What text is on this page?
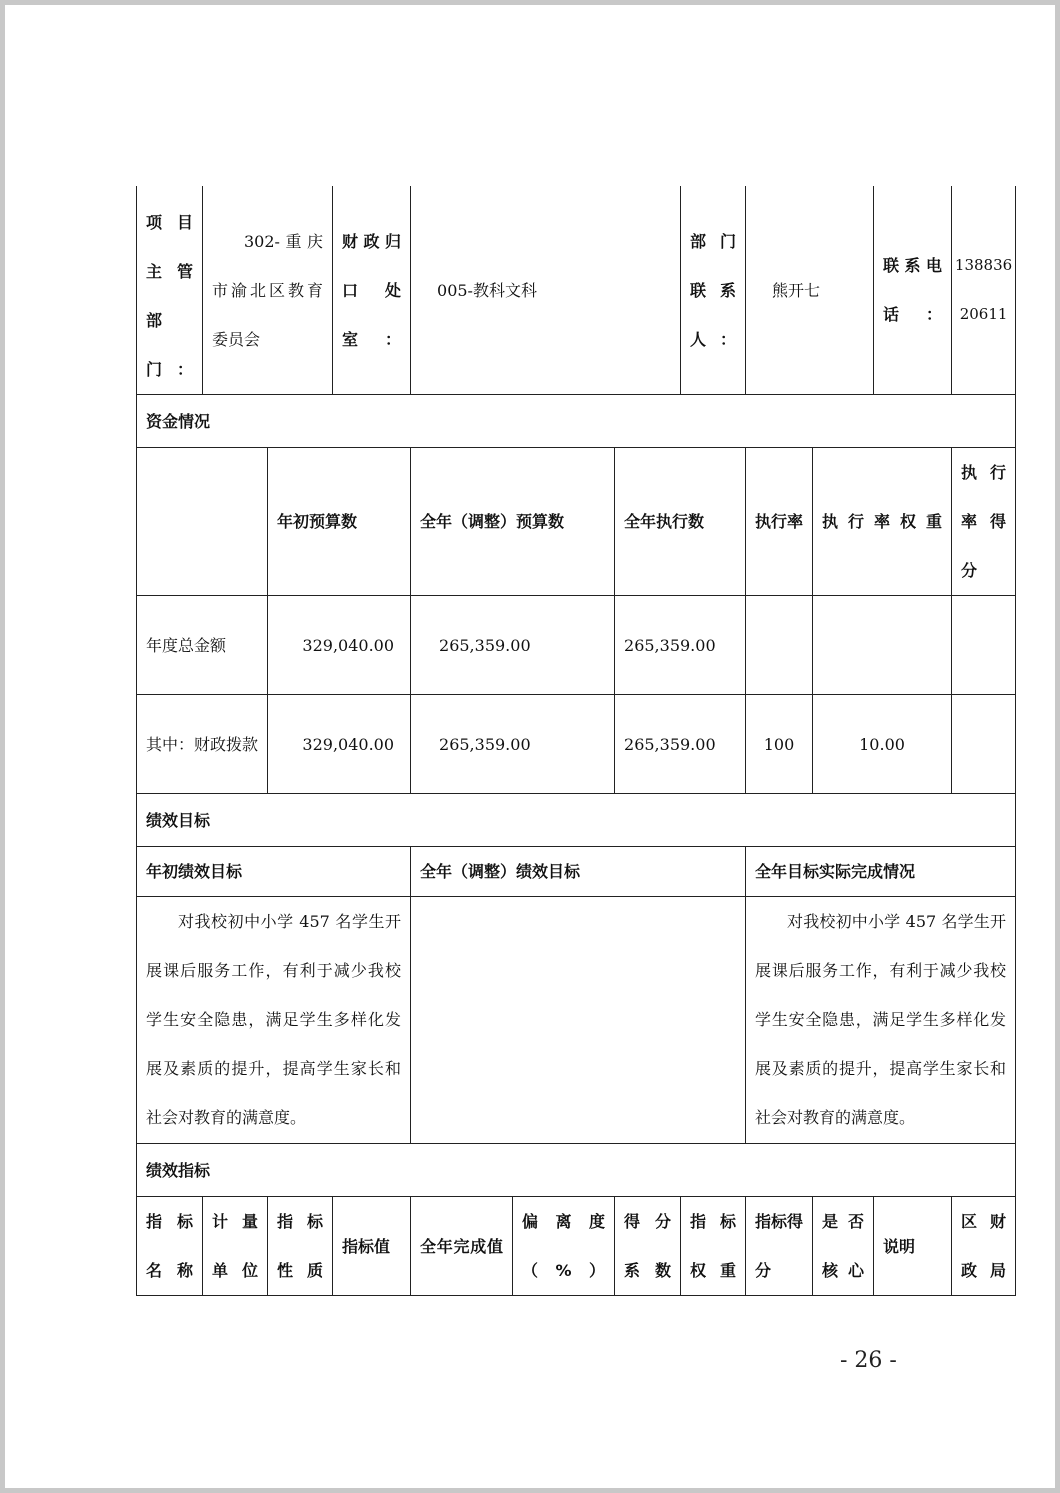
项目主管部门：	302-重庆市渝北区教育委员会		财政归口处室：	005-教科文科			部门联系人：	熊开七		联系电话：	13883620611
资金情况											
		年初预算数		全年（调整）预算数		全年执行数		执行率	执行率权重		执行率得分
年度总金额		329,040.00		265,359.00		265,359.00					
其中：财政拨款		329,040.00		265,359.00		265,359.00		100	10.00		
绩效目标											
年初绩效目标				全年（调整）绩效目标				全年目标实际完成情况			

对我校初中小学 457 名学生开展课后服务工作，有利于减少我校学生安全隐患，满足学生多样化发展及素质的提升，提高学生家长和社会对教育的满意度。								对我校初中小学 457 名学生开展课后服务工作，有利于减少我校学生安全隐患，满足学生多样化发展及素质的提升，提高学生家长和社会对教育的满意度。			

绩效指标											
指标名称	计量单位	指标性质	指标值	全年完成值	偏离度（%）	得分系数	指标权重	指标得分	是否核心	说明	区财政局
- 26 -
